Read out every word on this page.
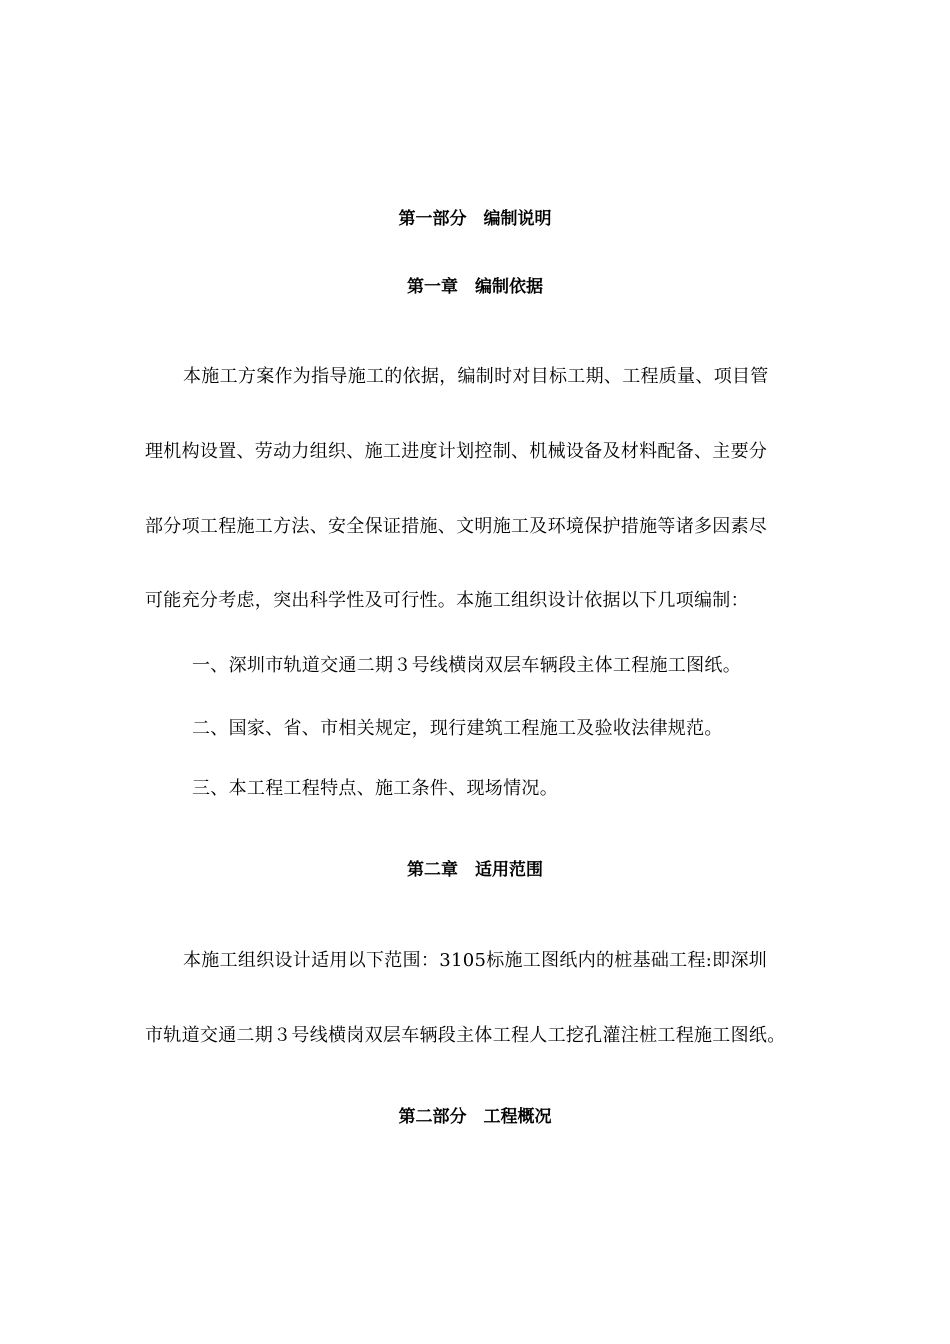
第一部分　编制说明
第一章　编制依据
本施工方案作为指导施工的依据，编制时对目标工期、工程质量、项目管
理机构设置、劳动力组织、施工进度计划控制、机械设备及材料配备、主要分
部分项工程施工方法、安全保证措施、文明施工及环境保护措施等诸多因素尽
可能充分考虑，突出科学性及可行性。本施工组织设计依据以下几项编制：
一、深圳市轨道交通二期３号线横岗双层车辆段主体工程施工图纸。
二、国家、省、市相关规定，现行建筑工程施工及验收法律规范。
三、本工程工程特点、施工条件、现场情况。
第二章　适用范围
本施工组织设计适用以下范围：3105标施工图纸内的桩基础工程:即深圳
市轨道交通二期３号线横岗双层车辆段主体工程人工挖孔灌注桩工程施工图纸。
第二部分　工程概况
